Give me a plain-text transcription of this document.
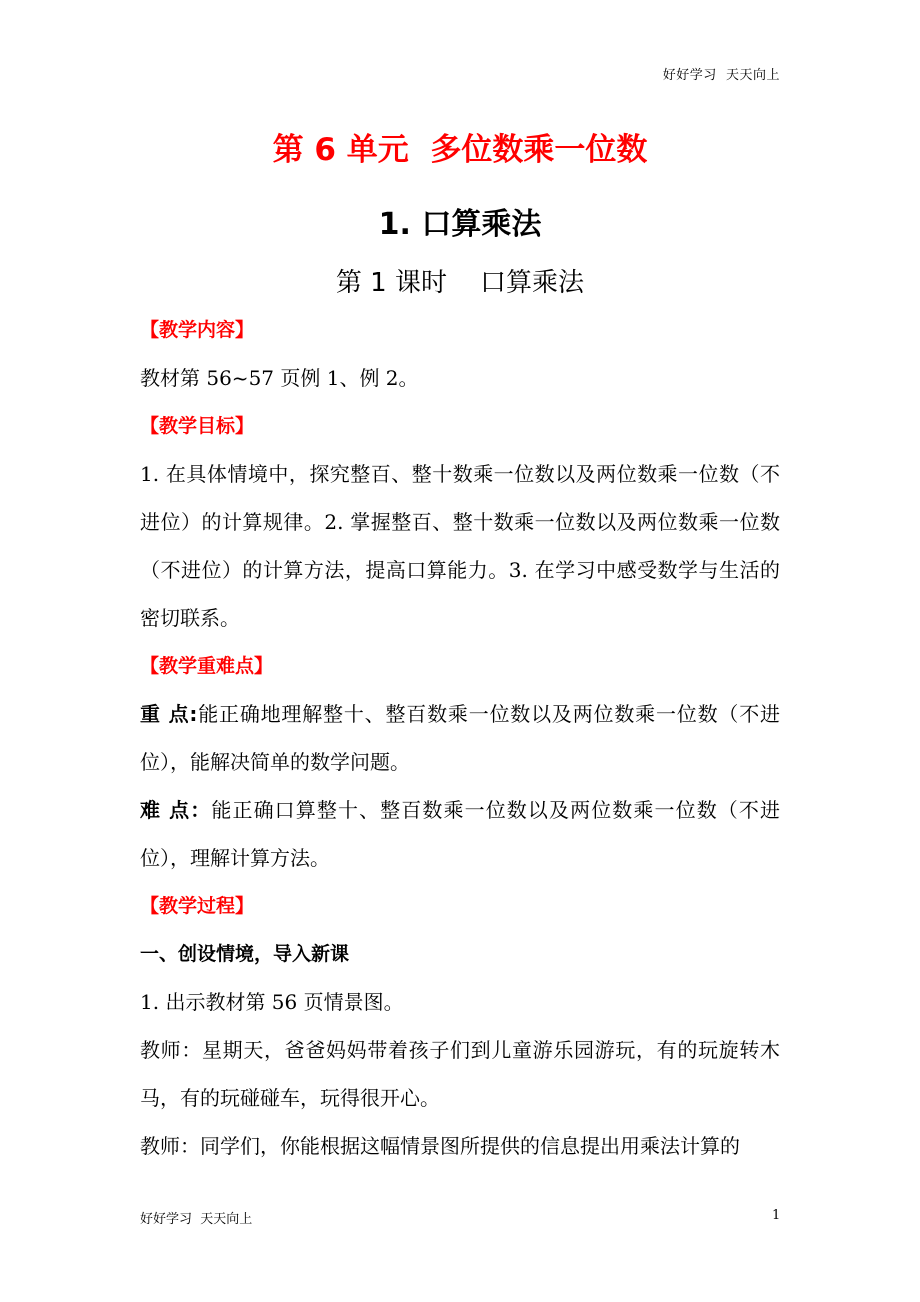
好好学习  天天向上
第 6 单元  多位数乘一位数
1. 口算乘法
第 1 课时    口算乘法

【教学内容】

教材第 56~57 页例 1、例 2。

【教学目标】

1. 在具体情境中，探究整百、整十数乘一位数以及两位数乘一位数（不进位）的计算规律。2. 掌握整百、整十数乘一位数以及两位数乘一位数（不进位）的计算方法，提高口算能力。3. 在学习中感受数学与生活的密切联系。

【教学重难点】

重 点:能正确地理解整十、整百数乘一位数以及两位数乘一位数（不进位），能解决简单的数学问题。

难 点：能正确口算整十、整百数乘一位数以及两位数乘一位数（不进位），理解计算方法。

【教学过程】

一、创设情境，导入新课

1. 出示教材第 56 页情景图。

教师：星期天，爸爸妈妈带着孩子们到儿童游乐园游玩，有的玩旋转木马，有的玩碰碰车，玩得很开心。

教师：同学们，你能根据这幅情景图所提供的信息提出用乘法计算的

好好学习  天天向上	1
